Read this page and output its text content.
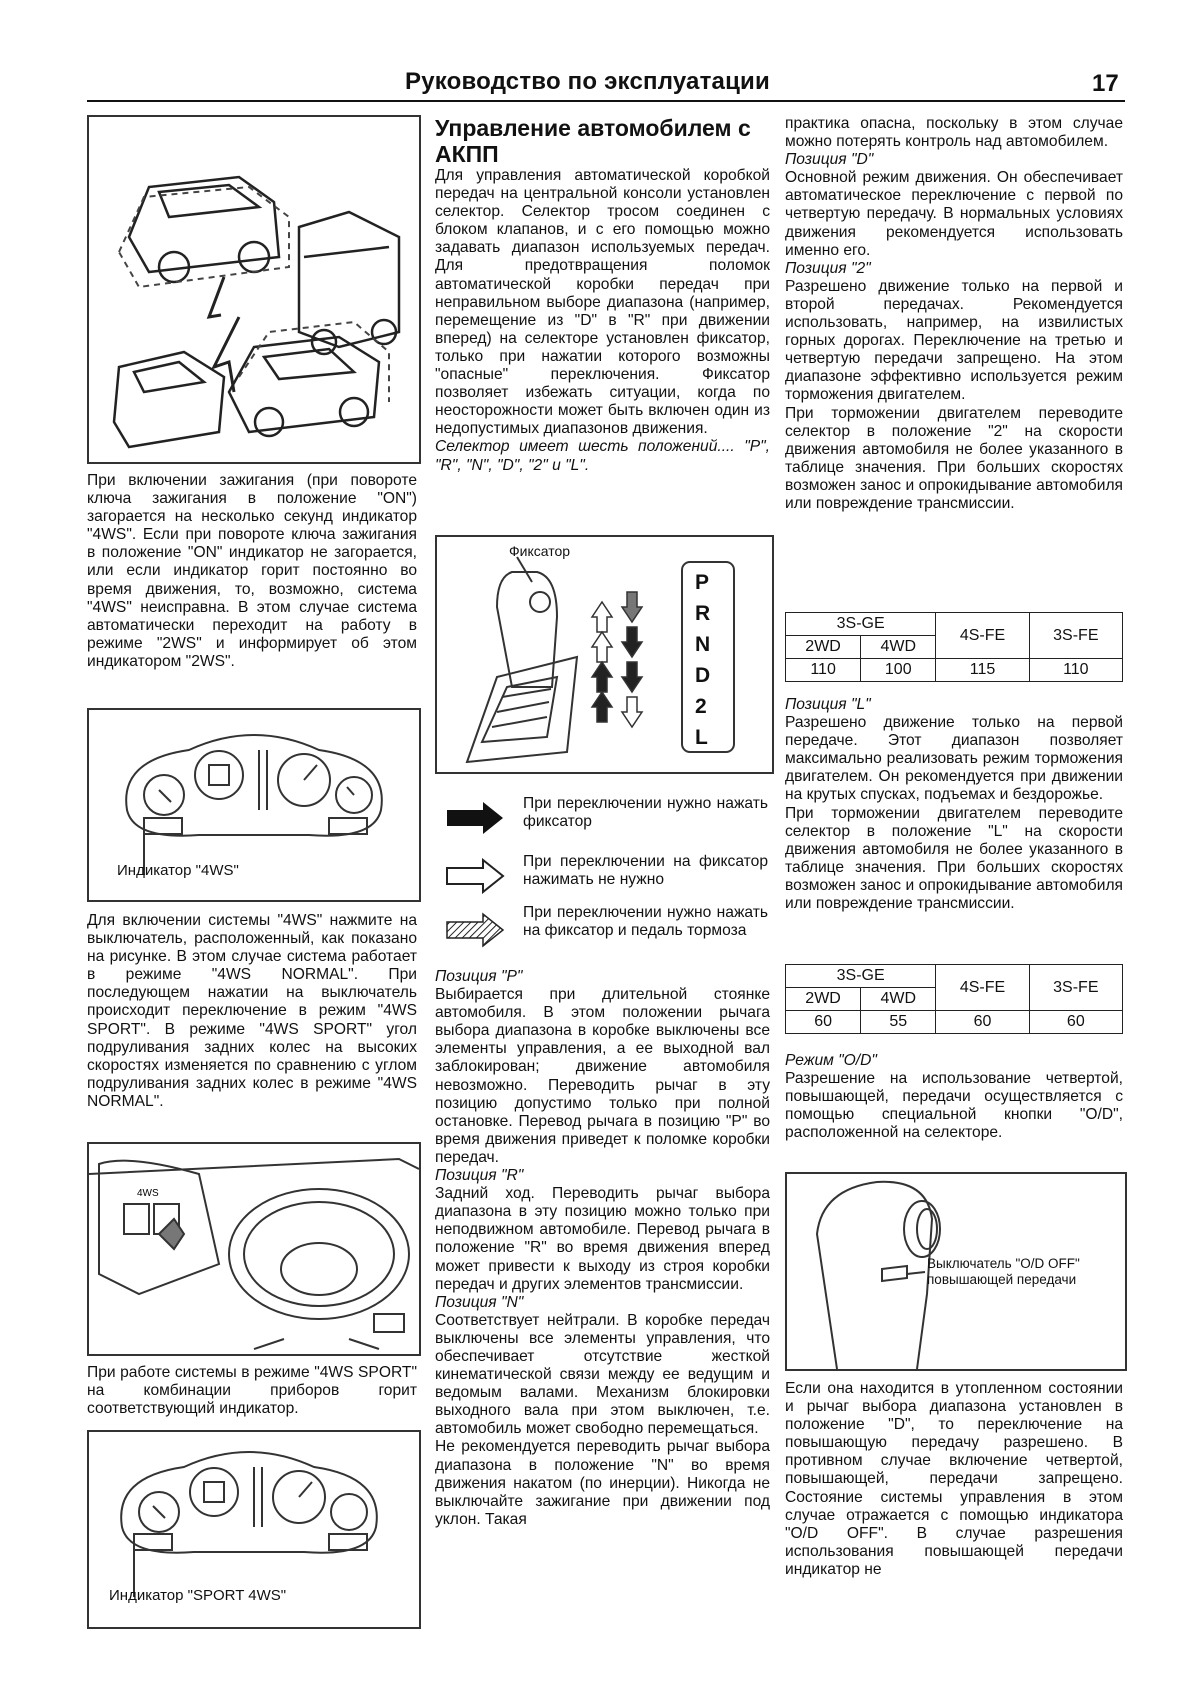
Руководство по эксплуатации	17

При включении зажигания (при повороте ключа зажигания в положение "ON") загорается на несколько секунд индикатор "4WS". Если при повороте ключа зажигания в положение "ON" индикатор не загорается, или если индикатор горит постоянно во время движения, то, возможно, система "4WS" неисправна. В этом случае система автоматически переходит на работу в режиме "2WS" и информирует об этом индикатором "2WS".

Индикатор "4WS"

Для включении системы "4WS" нажмите на выключатель, расположенный, как показано на рисунке. В этом случае система работает в режиме "4WS NORMAL". При последующем нажатии на выключатель происходит переключение в режим "4WS SPORT". В режиме "4WS SPORT" угол подруливания задних колес на высоких скоростях изменяется по сравнению с углом подруливания задних колес в режиме "4WS NORMAL".

4WS

При работе системы в режиме "4WS SPORT" на комбинации приборов горит соответствующий индикатор.

Индикатор "SPORT 4WS"

Управление автомобилем с АКПП

Для управления автоматической коробкой передач на центральной консоли установлен селектор. Селектор тросом соединен с блоком клапанов, и с его помощью можно задавать диапазон используемых передач. Для предотвращения поломок автоматической коробки передач при неправильном выборе диапазона (например, перемещение из "D" в "R" при движении вперед) на селекторе установлен фиксатор, только при нажатии которого возможны "опасные" переключения. Фиксатор позволяет избежать ситуации, когда по неосторожности может быть включен один из недопустимых диапазонов движения.

Селектор имеет шесть положений.... "P", "R", "N", "D", "2" и "L".

Фиксатор
P
R
N
D
2
L
При переключении нужно нажать фиксатор
При переключении на фиксатор нажимать не нужно
При переключении нужно нажать на фиксатор и педаль тормоза

Позиция "P"

Выбирается при длительной стоянке автомобиля. В этом положении рычага выбора диапазона в коробке выключены все элементы управления, а ее выходной вал заблокирован; движение автомобиля невозможно. Переводить рычаг в эту позицию допустимо только при полной остановке. Перевод рычага в позицию "P" во время движения приведет к поломке коробки передач.

Позиция "R"

Задний ход. Переводить рычаг выбора диапазона в эту позицию можно только при неподвижном автомобиле. Перевод рычага в положение "R" во время движения вперед может привести к выходу из строя коробки передач и других элементов трансмиссии.

Позиция "N"

Соответствует нейтрали. В коробке передач выключены все элементы управления, что обеспечивает отсутствие жесткой кинематической связи между ее ведущим и ведомым валами. Механизм блокировки выходного вала при этом выключен, т.е. автомобиль может свободно перемещаться.

Не рекомендуется переводить рычаг выбора диапазона в положение "N" во время движения накатом (по инерции). Никогда не выключайте зажигание при движении под уклон. Такая

практика опасна, поскольку в этом случае можно потерять контроль над автомобилем.

Позиция "D"

Основной режим движения. Он обеспечивает автоматическое переключение с первой по четвертую передачу. В нормальных условиях движения рекомендуется использовать именно его.

Позиция "2"

Разрешено движение только на первой и второй передачах. Рекомендуется использовать, например, на извилистых горных дорогах. Переключение на третью и четвертую передачи запрещено. На этом диапазоне эффективно используется режим торможения двигателем.

При торможении двигателем переводите селектор в положение "2" на скорости движения автомобиля не более указанного в таблице значения. При больших скоростях возможен занос и опрокидывание автомобиля или повреждение трансмиссии.

3S-GE		4S-FE	3S-FE
2WD	4WD		
110	100	115	110

Позиция "L"

Разрешено движение только на первой передаче. Этот диапазон позволяет максимально реализовать режим торможения двигателем. Он рекомендуется при движении на крутых спусках, подъемах и бездорожье.

При торможении двигателем переводите селектор в положение "L" на скорости движения автомобиля не более указанного в таблице значения. При больших скоростях возможен занос и опрокидывание автомобиля или повреждение трансмиссии.

3S-GE		4S-FE	3S-FE
2WD	4WD		
60	55	60	60

Режим "O/D"

Разрешение на использование четвертой, повышающей, передачи осуществляется с помощью специальной кнопки "O/D", расположенной на селекторе.

Выключатель "O/D OFF"
повышающей передачи

Если она находится в утопленном состоянии и рычаг выбора диапазона установлен в положение "D", то переключение на повышающую передачу разрешено. В противном случае включение четвертой, повышающей, передачи запрещено. Состояние системы управления в этом случае отражается с помощью индикатора "O/D OFF". В случае разрешения использования повышающей передачи индикатор не
